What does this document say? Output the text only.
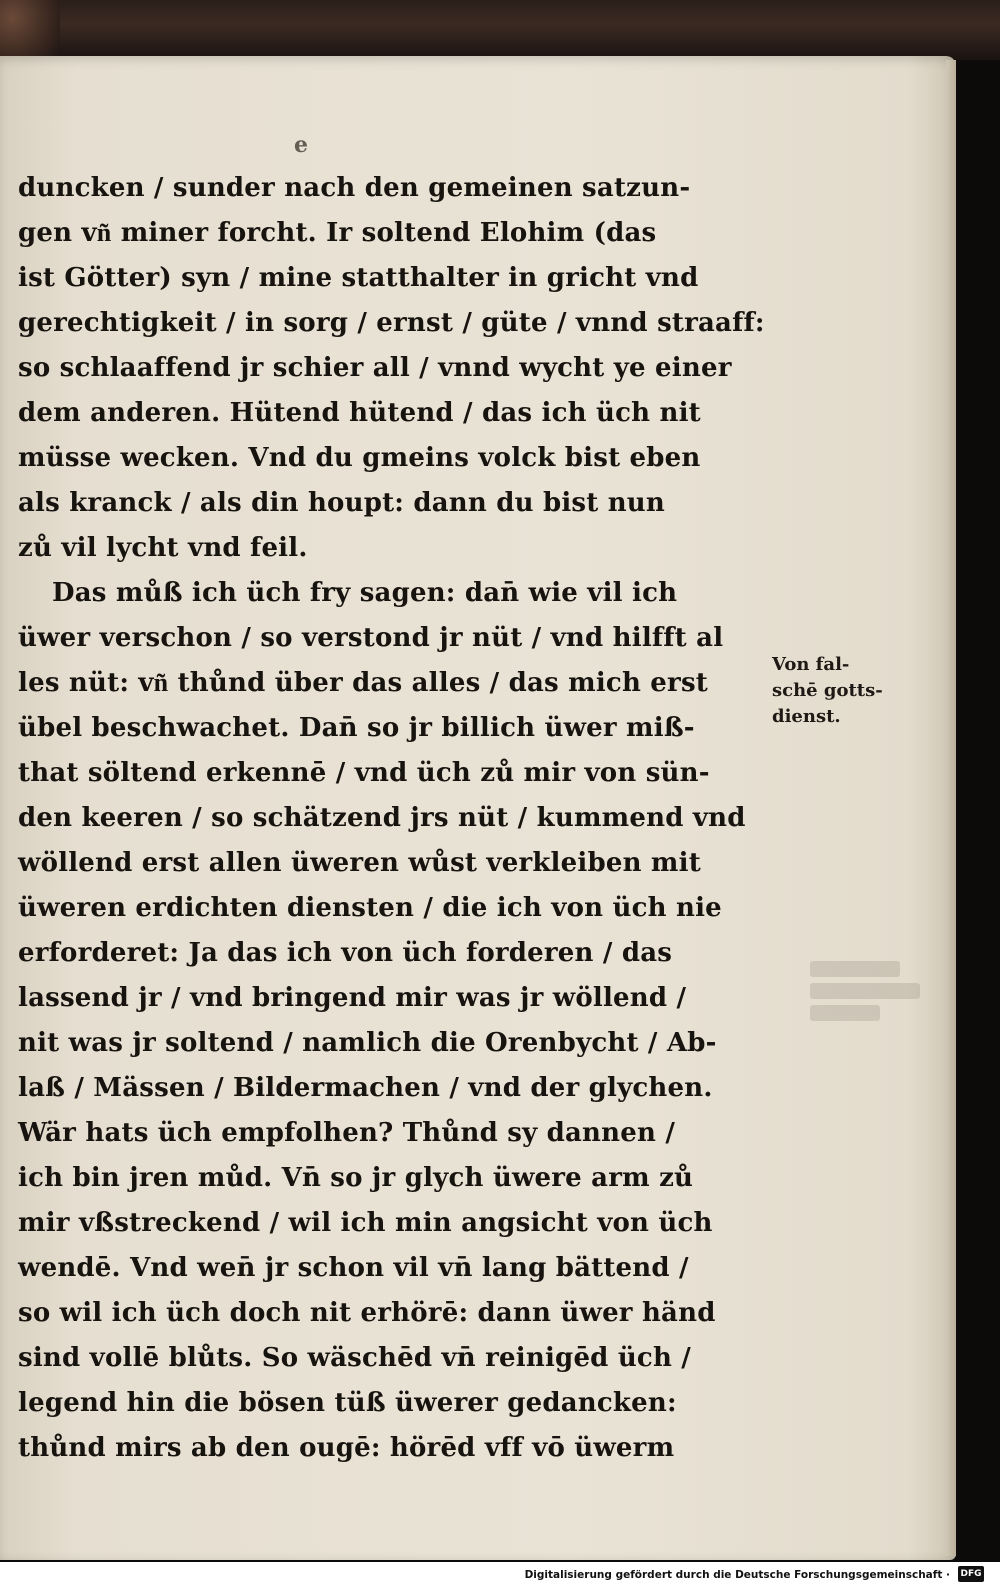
e
duncken / sunder nach den gemeinen satzun-
gen vn͂ miner forcht. Ir soltend Elohim (das
ist Götter) syn / mine statthalter in gricht vnd
gerechtigkeit / in sorg / ernst / güte / vnnd straaff:
so schlaaffend jr schier all / vnnd wycht ye einer
dem anderen. Hütend hütend / das ich üch nit
müsse wecken. Vnd du gmeins volck bist eben
als kranck / als din houpt: dann du bist nun
zů vil lycht vnd feil.
Das můß ich üch fry sagen: dan̄ wie vil ich
üwer verschon / so verstond jr nüt / vnd hilfft al
les nüt: vn͂ thůnd über das alles / das mich erst
übel beschwachet. Dan̄ so jr billich üwer miß-
that söltend erkennē / vnd üch zů mir von sün-
den keeren / so schätzend jrs nüt / kummend vnd
wöllend erst allen üweren wůst verkleiben mit
üweren erdichten diensten / die ich von üch nie
erforderet: Ja das ich von üch forderen / das
lassend jr / vnd bringend mir was jr wöllend /
nit was jr soltend / namlich die Orenbycht / Ab-
laß / Mässen / Bildermachen / vnd der glychen.
Wär hats üch empfolhen? Thůnd sy dannen /
ich bin jren můd. Vn̄ so jr glych üwere arm zů
mir vßstreckend / wil ich min angsicht von üch
wendē. Vnd wen̄ jr schon vil vn̄ lang bättend /
so wil ich üch doch nit erhörē: dann üwer händ
sind vollē blůts. So wäschēd vn̄ reinigēd üch /
legend hin die bösen tüß üwerer gedancken:
thůnd mirs ab den ougē: hörēd vff vō üwerm
Von fal-
schē gotts-
dienst.
Digitalisierung gefördert durch die Deutsche Forschungsgemeinschaft · DFG
